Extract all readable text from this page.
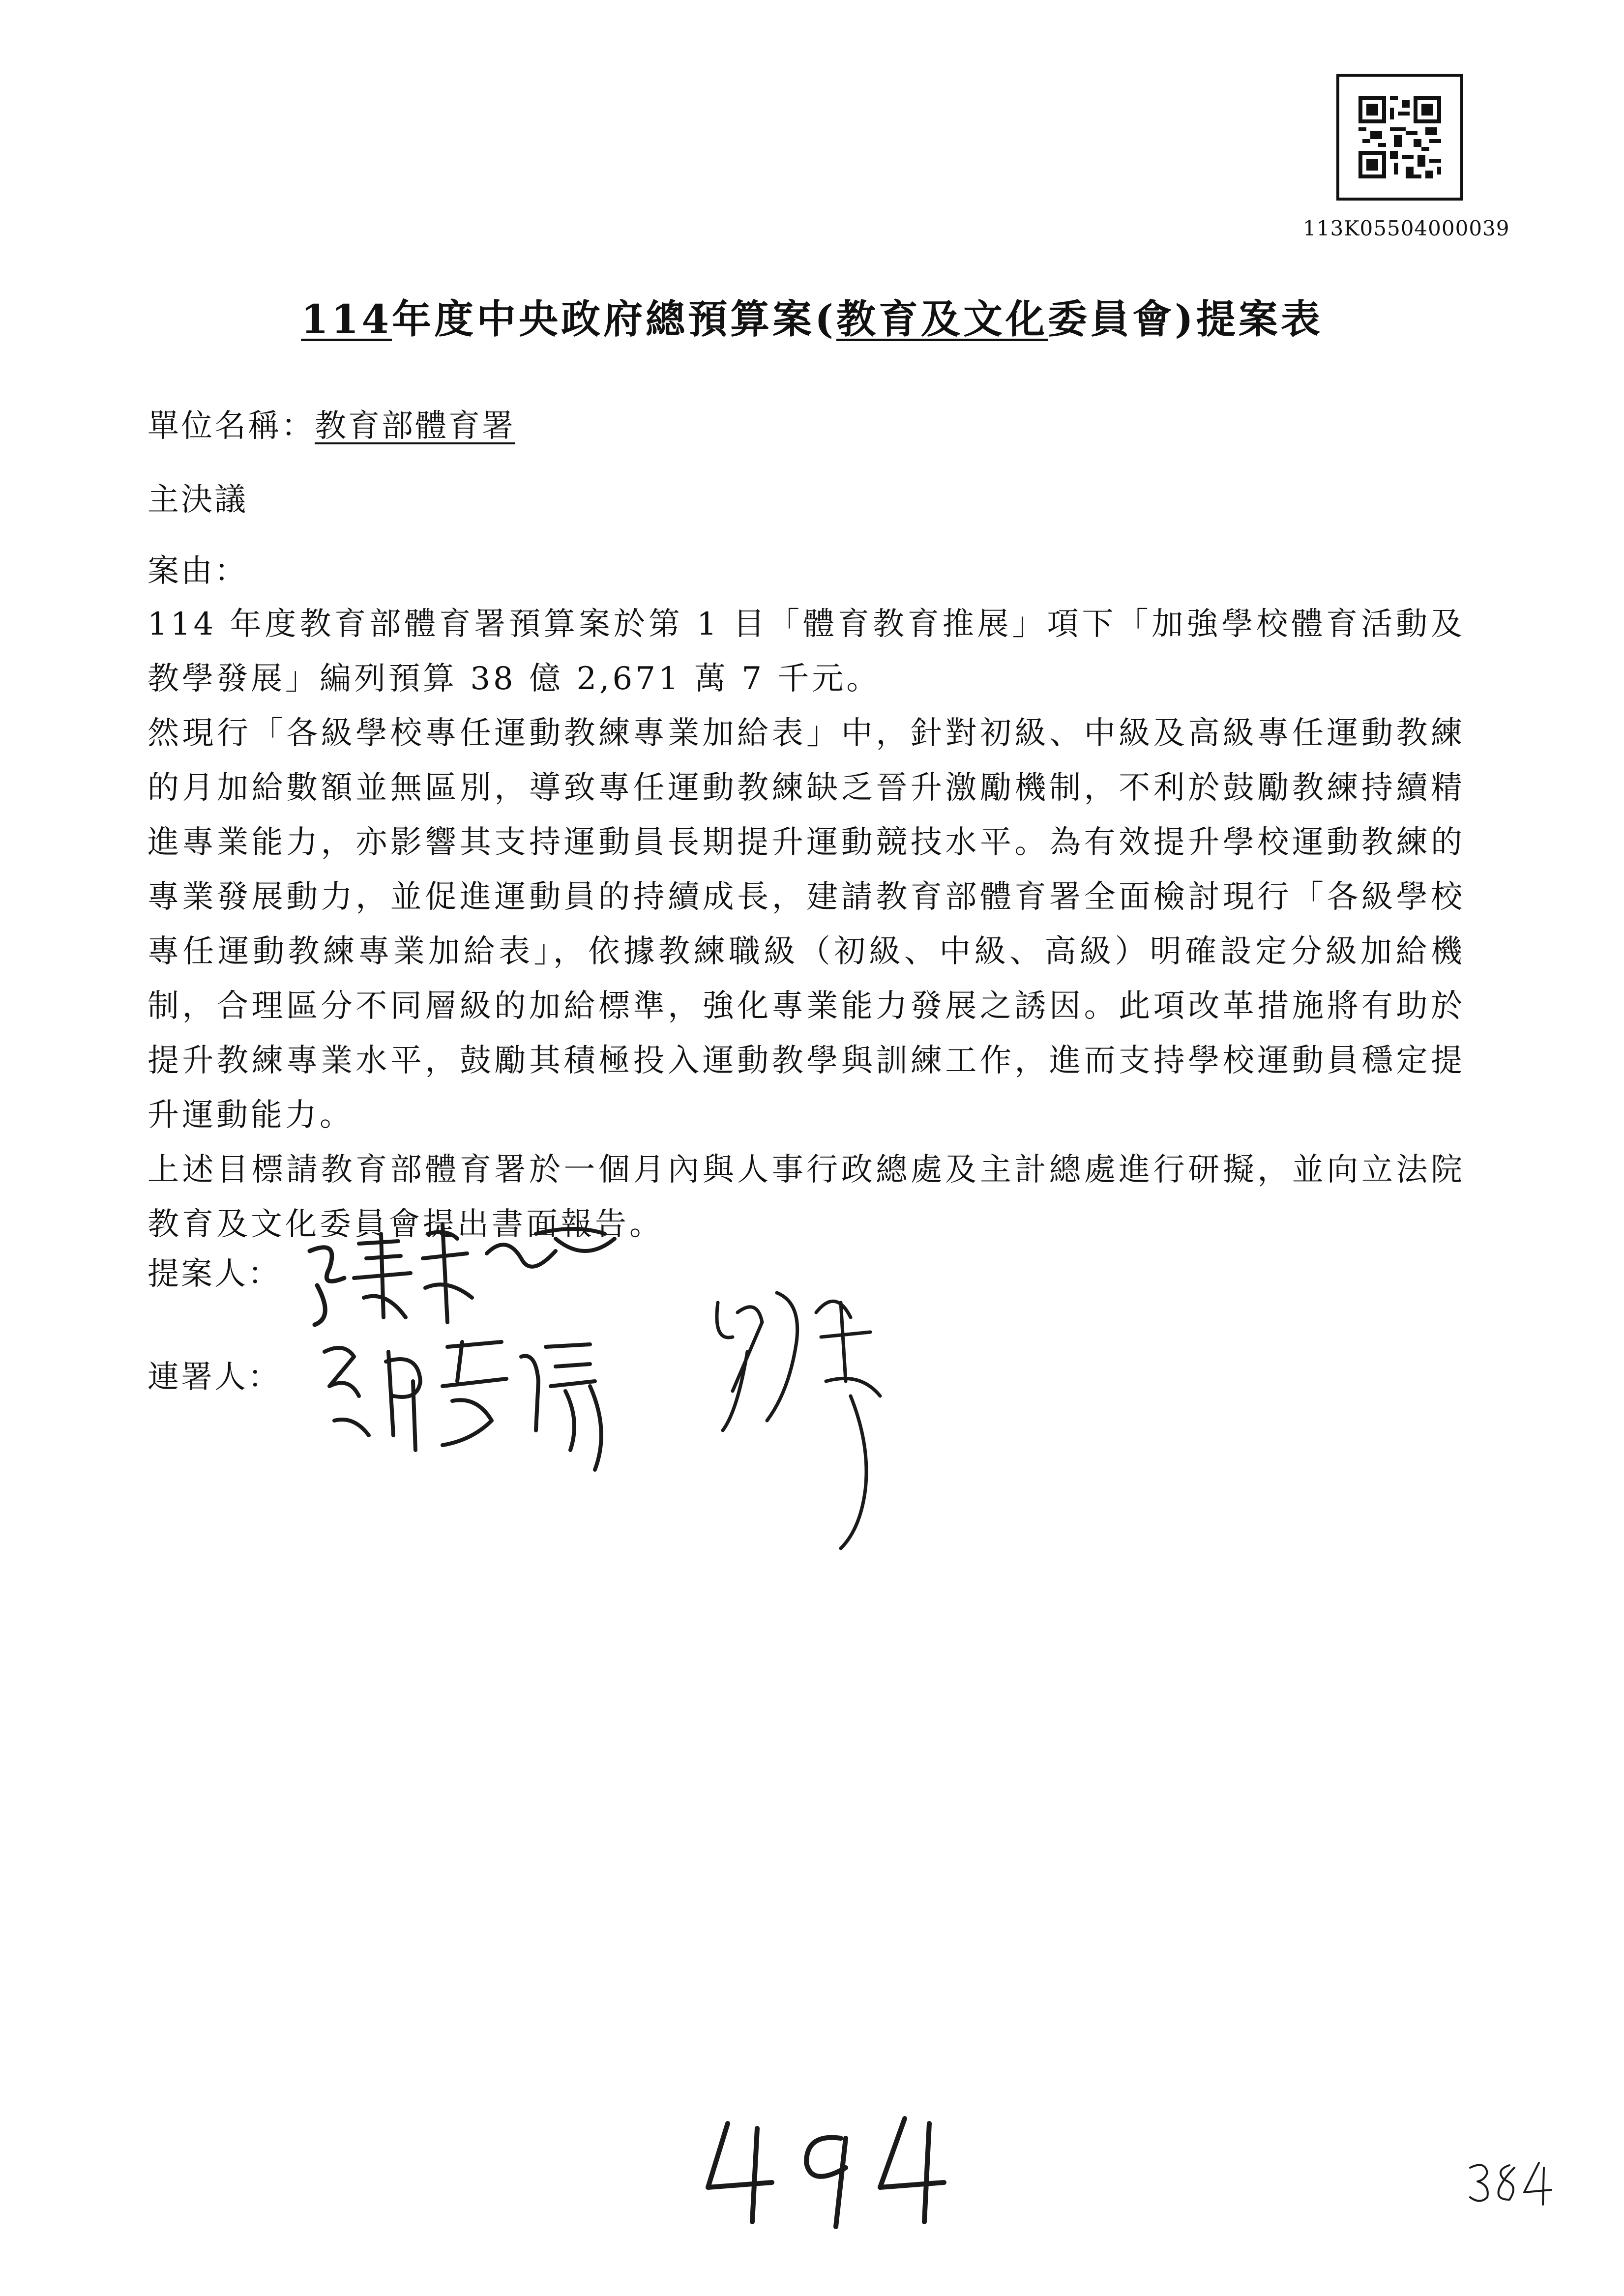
113K05504000039
114年度中央政府總預算案(教育及文化委員會)提案表
單位名稱：教育部體育署
主決議
案由：
114 年度教育部體育署預算案於第 1 目「體育教育推展」項下「加強學校體育活動及教學發展」編列預算 38 億 2,671 萬 7 千元。
然現行「各級學校專任運動教練專業加給表」中，針對初級、中級及高級專任運動教練的月加給數額並無區別，導致專任運動教練缺乏晉升激勵機制，不利於鼓勵教練持續精進專業能力，亦影響其支持運動員長期提升運動競技水平。為有效提升學校運動教練的專業發展動力，並促進運動員的持續成長，建請教育部體育署全面檢討現行「各級學校專任運動教練專業加給表」，依據教練職級（初級、中級、高級）明確設定分級加給機制，合理區分不同層級的加給標準，強化專業能力發展之誘因。此項改革措施將有助於提升教練專業水平，鼓勵其積極投入運動教學與訓練工作，進而支持學校運動員穩定提升運動能力。
上述目標請教育部體育署於一個月內與人事行政總處及主計總處進行研擬，並向立法院教育及文化委員會提出書面報告。
提案人：
連署人：
